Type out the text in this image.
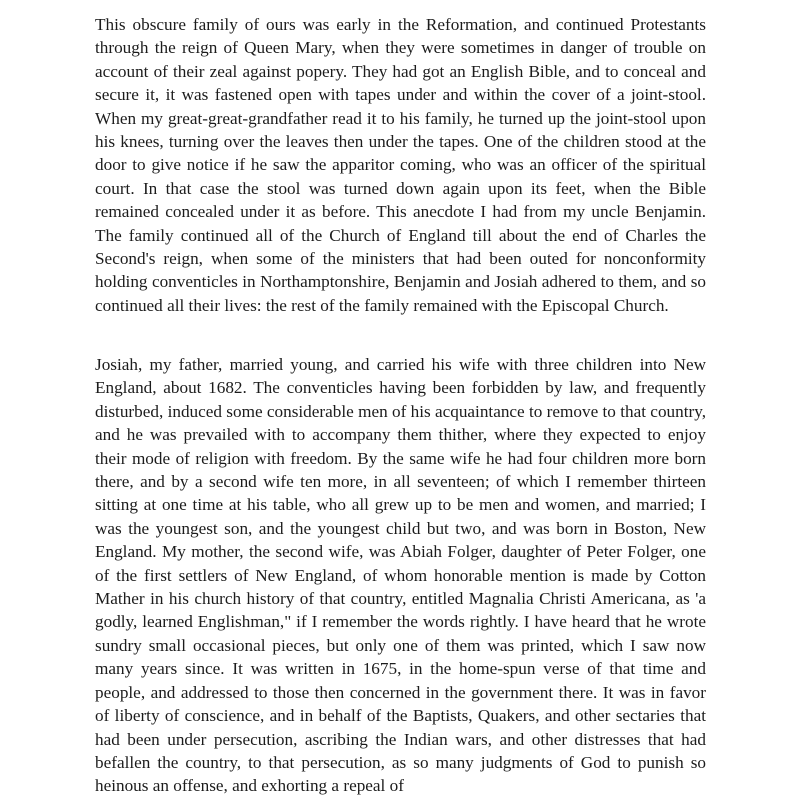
This obscure family of ours was early in the Reformation, and continued Protestants through the reign of Queen Mary, when they were sometimes in danger of trouble on account of their zeal against popery. They had got an English Bible, and to conceal and secure it, it was fastened open with tapes under and within the cover of a joint-stool. When my great-great-grandfather read it to his family, he turned up the joint-stool upon his knees, turning over the leaves then under the tapes. One of the children stood at the door to give notice if he saw the apparitor coming, who was an officer of the spiritual court. In that case the stool was turned down again upon its feet, when the Bible remained concealed under it as before. This anecdote I had from my uncle Benjamin. The family continued all of the Church of England till about the end of Charles the Second's reign, when some of the ministers that had been outed for nonconformity holding conventicles in Northamptonshire, Benjamin and Josiah adhered to them, and so continued all their lives: the rest of the family remained with the Episcopal Church.

Josiah, my father, married young, and carried his wife with three children into New England, about 1682. The conventicles having been forbidden by law, and frequently disturbed, induced some considerable men of his acquaintance to remove to that country, and he was prevailed with to accompany them thither, where they expected to enjoy their mode of religion with freedom. By the same wife he had four children more born there, and by a second wife ten more, in all seventeen; of which I remember thirteen sitting at one time at his table, who all grew up to be men and women, and married; I was the youngest son, and the youngest child but two, and was born in Boston, New England. My mother, the second wife, was Abiah Folger, daughter of Peter Folger, one of the first settlers of New England, of whom honorable mention is made by Cotton Mather in his church history of that country, entitled Magnalia Christi Americana, as 'a godly, learned Englishman," if I remember the words rightly. I have heard that he wrote sundry small occasional pieces, but only one of them was printed, which I saw now many years since. It was written in 1675, in the home-spun verse of that time and people, and addressed to those then concerned in the government there. It was in favor of liberty of conscience, and in behalf of the Baptists, Quakers, and other sectaries that had been under persecution, ascribing the Indian wars, and other distresses that had befallen the country, to that persecution, as so many judgments of God to punish so heinous an offense, and exhorting a repeal of
